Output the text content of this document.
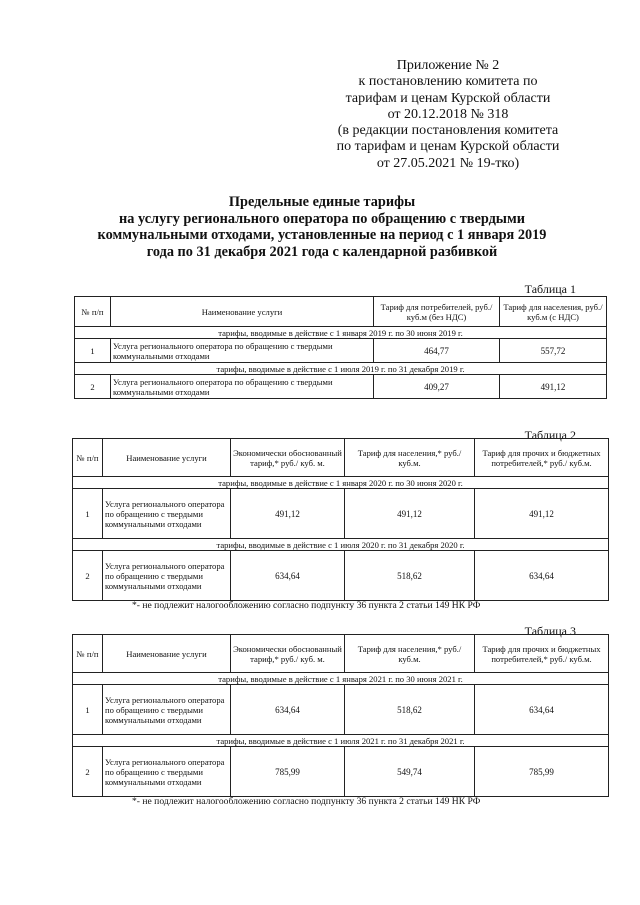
Приложение № 2
к постановлению комитета по
тарифам и ценам Курской области
от 20.12.2018 № 318
(в редакции постановления комитета
по тарифам и ценам Курской области
от 27.05.2021 № 19-тко)
Предельные единые тарифы
на услугу регионального оператора по обращению с твердыми
коммунальными отходами, установленные на период с 1 января 2019
года по 31 декабря 2021 года с календарной разбивкой
Таблица 1
№ п/п	Наименование услуги	Тариф для потребителей, руб./ куб.м (без НДС)	Тариф для населения, руб./ куб.м (с НДС)
тарифы, вводимые в действие с 1 января 2019 г. по 30 июня 2019 г.			
1	Услуга регионального оператора по обращению с твердыми коммунальными отходами	464,77	557,72
тарифы, вводимые в действие с 1 июля 2019 г. по 31 декабря 2019 г.			
2	Услуга регионального оператора по обращению с твердыми коммунальными отходами	409,27	491,12
Таблица 2
№ п/п	Наименование услуги	Экономически обоснованный тариф,* руб./ куб. м.	Тариф для населения,* руб./ куб.м.	Тариф для прочих и бюджетных потребителей,* руб./ куб.м.
тарифы, вводимые в действие с 1 января 2020 г. по 30 июня 2020 г.				
1	Услуга регионального оператора по обращению с твердыми коммунальными отходами	491,12	491,12	491,12
тарифы, вводимые в действие с 1 июля 2020 г. по 31 декабря 2020 г.				
2	Услуга регионального оператора по обращению с твердыми коммунальными отходами	634,64	518,62	634,64
*- не подлежит налогообложению согласно подпункту 36 пункта 2 статьи 149 НК РФ
Таблица 3
№ п/п	Наименование услуги	Экономически обоснованный тариф,* руб./ куб. м.	Тариф для населения,* руб./ куб.м.	Тариф для прочих и бюджетных потребителей,* руб./ куб.м.
тарифы, вводимые в действие с 1 января 2021 г. по 30 июня 2021 г.				
1	Услуга регионального оператора по обращению с твердыми коммунальными отходами	634,64	518,62	634,64
тарифы, вводимые в действие с 1 июля 2021 г. по 31 декабря 2021 г.				
2	Услуга регионального оператора по обращению с твердыми коммунальными отходами	785,99	549,74	785,99
*- не подлежит налогообложению согласно подпункту 36 пункта 2 статьи 149 НК РФ
